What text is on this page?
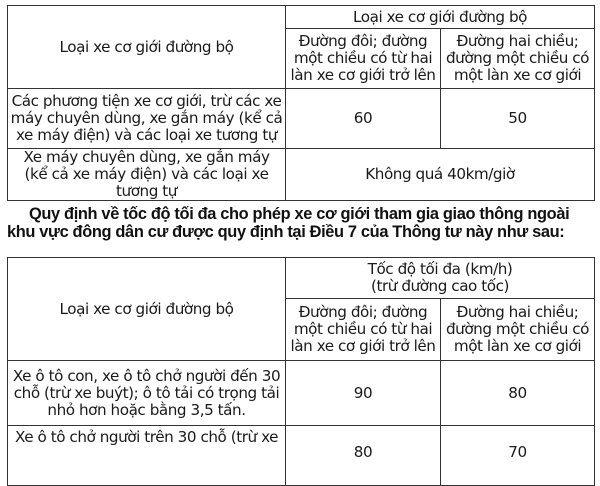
Loại xe cơ giới đường bộ	Loại xe cơ giới đường bộ	
	Đường đôi; đường một chiều có từ hai làn xe cơ giới trở lên	Đường hai chiều; đường một chiều có một làn xe cơ giới
Các phương tiện xe cơ giới, trừ các xe máy chuyên dùng, xe gắn máy (kể cả xe máy điện) và các loại xe tương tự	60	50
Xe máy chuyên dùng, xe gắn máy (kể cả xe máy điện) và các loại xe tương tự	Không quá 40km/giờ	
Quy định về tốc độ tối đa cho phép xe cơ giới tham gia giao thông ngoài
khu vực đông dân cư được quy định tại Điều 7 của Thông tư này như sau:
Loại xe cơ giới đường bộ	Tốc độ tối đa (km/h)
(trừ đường cao tốc)	
	Đường đôi; đường một chiều có từ hai làn xe cơ giới trở lên	Đường hai chiều; đường một chiều có một làn xe cơ giới
Xe ô tô con, xe ô tô chở người đến 30 chỗ (trừ xe buýt); ô tô tải có trọng tải nhỏ hơn hoặc bằng 3,5 tấn.	90	80
Xe ô tô chở người trên 30 chỗ (trừ xe	80	70
